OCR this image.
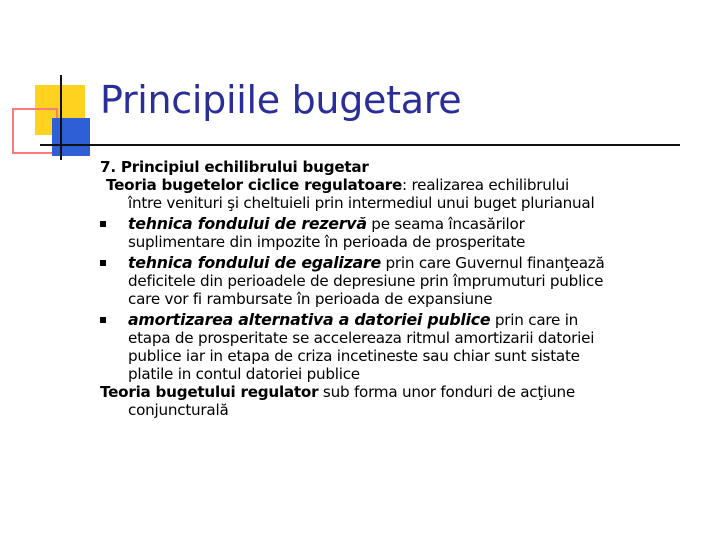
Principiile bugetare
7. Principiul echilibrului bugetar
Teoria bugetelor ciclice regulatoare: realizarea echilibrului
între venituri şi cheltuieli prin intermediul unui buget plurianual
tehnica fondului de rezervă pe seama încasărilor
suplimentare din impozite în perioada de prosperitate
tehnica fondului de egalizare prin care Guvernul finanţează
deficitele din perioadele de depresiune prin împrumuturi publice
care vor fi rambursate în perioada de expansiune
amortizarea alternativa a datoriei publice prin care in
etapa de prosperitate se accelereaza ritmul amortizarii datoriei
publice iar in etapa de criza incetineste sau chiar sunt sistate
platile in contul datoriei publice
Teoria bugetului regulator sub forma unor fonduri de acţiune
conjuncturală
